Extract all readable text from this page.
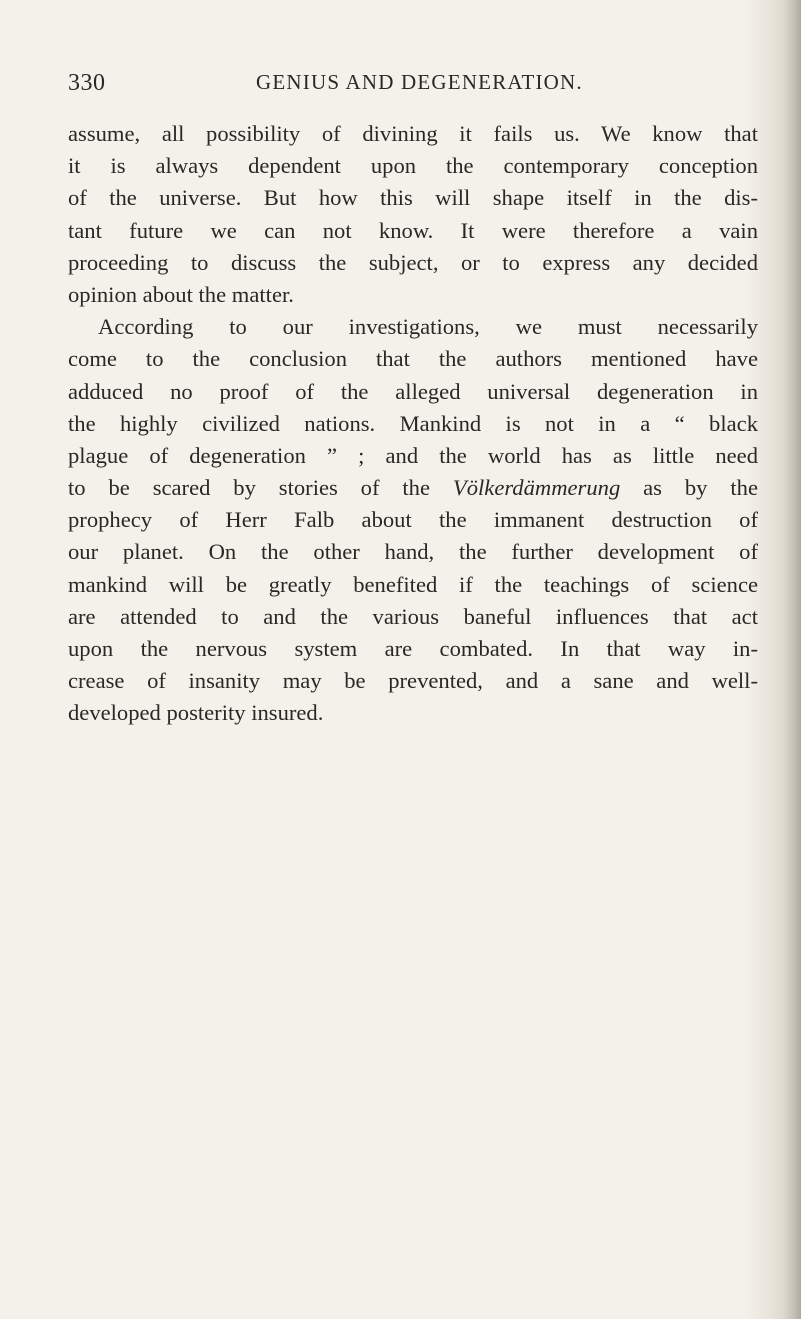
330	GENIUS AND DEGENERATION.
assume, all possibility of divining it fails us. We know that
it is always dependent upon the contemporary conception
of the universe. But how this will shape itself in the dis-
tant future we can not know. It were therefore a vain
proceeding to discuss the subject, or to express any decided
opinion about the matter.
According to our investigations, we must necessarily
come to the conclusion that the authors mentioned have
adduced no proof of the alleged universal degeneration in
the highly civilized nations. Mankind is not in a “ black
plague of degeneration ” ; and the world has as little need
to be scared by stories of the Völkerdämmerung as by the
prophecy of Herr Falb about the immanent destruction of
our planet. On the other hand, the further development of
mankind will be greatly benefited if the teachings of science
are attended to and the various baneful influences that act
upon the nervous system are combated. In that way in-
crease of insanity may be prevented, and a sane and well-
developed posterity insured.
